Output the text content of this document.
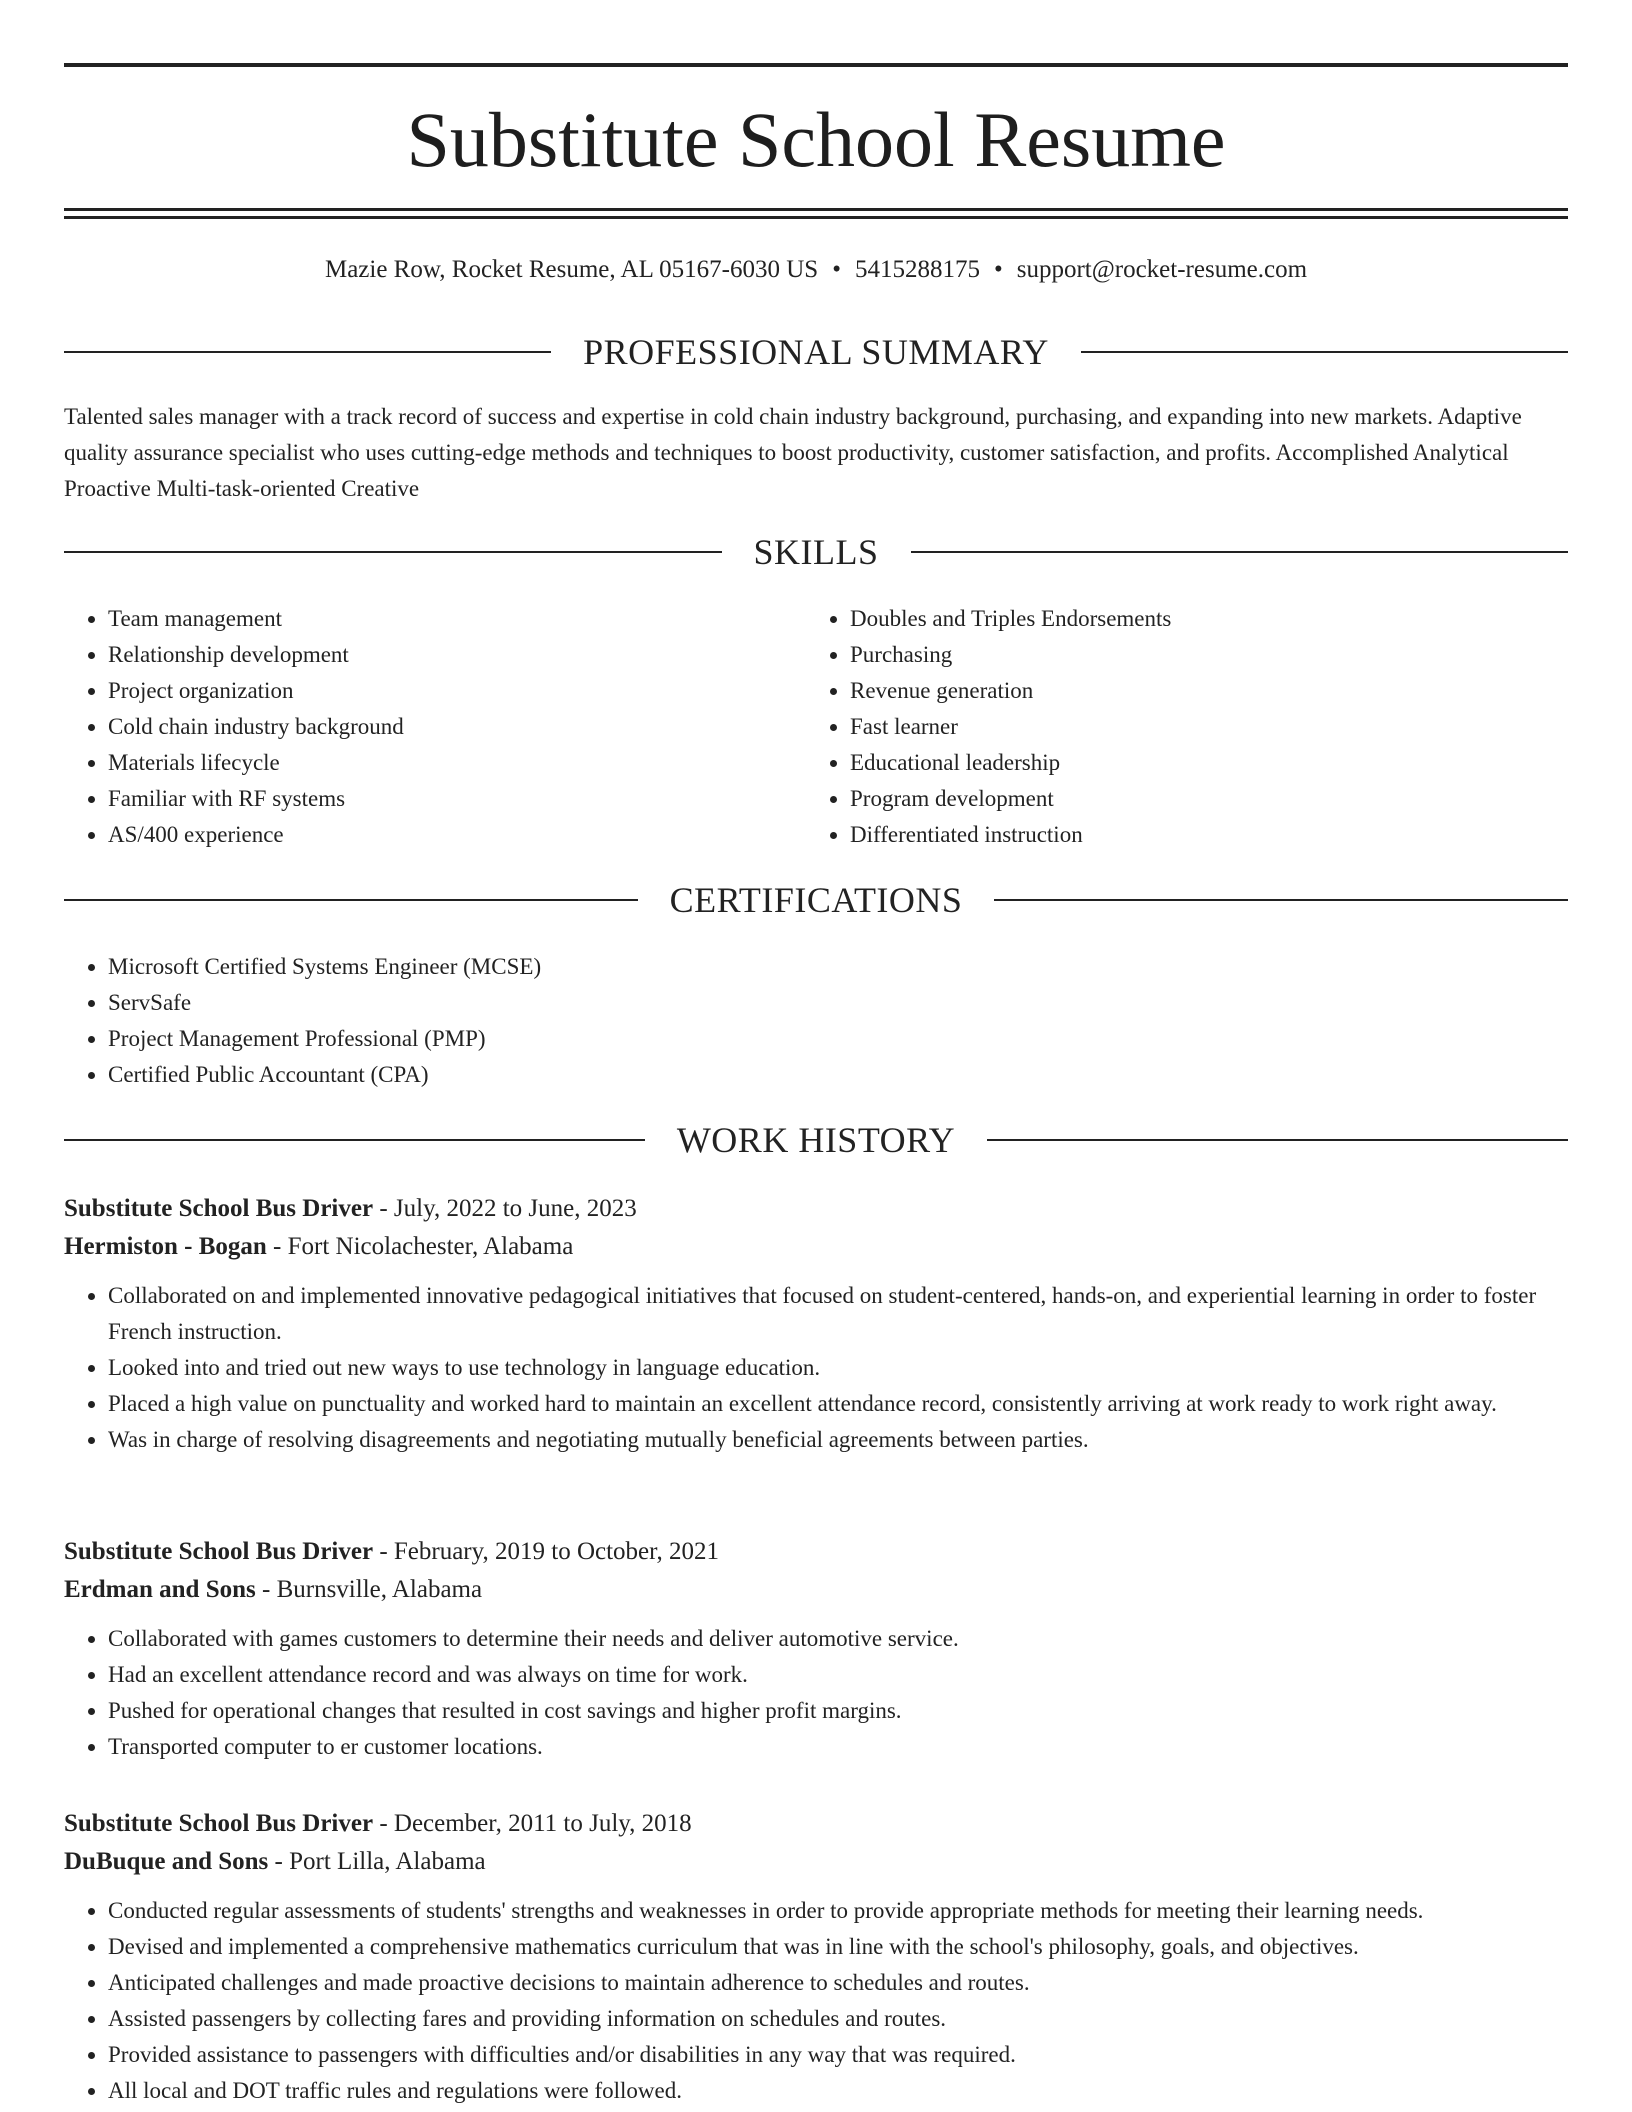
Substitute School Resume
Mazie Row, Rocket Resume, AL 05167-6030 US • 5415288175 • support@rocket-resume.com
PROFESSIONAL SUMMARY

Talented sales manager with a track record of success and expertise in cold chain industry background, purchasing, and expanding into new markets. Adaptive quality assurance specialist who uses cutting-edge methods and techniques to boost productivity, customer satisfaction, and profits. Accomplished Analytical Proactive Multi-task-oriented Creative

SKILLS
• Team management
• Relationship development
• Project organization
• Cold chain industry background
• Materials lifecycle
• Familiar with RF systems
• AS/400 experience
• Doubles and Triples Endorsements
• Purchasing
• Revenue generation
• Fast learner
• Educational leadership
• Program development
• Differentiated instruction
CERTIFICATIONS
• Microsoft Certified Systems Engineer (MCSE)
• ServSafe
• Project Management Professional (PMP)
• Certified Public Accountant (CPA)
WORK HISTORY

Substitute School Bus Driver - July, 2022 to June, 2023

Hermiston - Bogan - Fort Nicolachester, Alabama

• Collaborated on and implemented innovative pedagogical initiatives that focused on student-centered, hands-on, and experiential learning in order to foster French instruction.
• Looked into and tried out new ways to use technology in language education.
• Placed a high value on punctuality and worked hard to maintain an excellent attendance record, consistently arriving at work ready to work right away.
• Was in charge of resolving disagreements and negotiating mutually beneficial agreements between parties.

Substitute School Bus Driver - February, 2019 to October, 2021

Erdman and Sons - Burnsville, Alabama

• Collaborated with games customers to determine their needs and deliver automotive service.
• Had an excellent attendance record and was always on time for work.
• Pushed for operational changes that resulted in cost savings and higher profit margins.
• Transported computer to er customer locations.

Substitute School Bus Driver - December, 2011 to July, 2018

DuBuque and Sons - Port Lilla, Alabama

• Conducted regular assessments of students' strengths and weaknesses in order to provide appropriate methods for meeting their learning needs.
• Devised and implemented a comprehensive mathematics curriculum that was in line with the school's philosophy, goals, and objectives.
• Anticipated challenges and made proactive decisions to maintain adherence to schedules and routes.
• Assisted passengers by collecting fares and providing information on schedules and routes.
• Provided assistance to passengers with difficulties and/or disabilities in any way that was required.
• All local and DOT traffic rules and regulations were followed.
